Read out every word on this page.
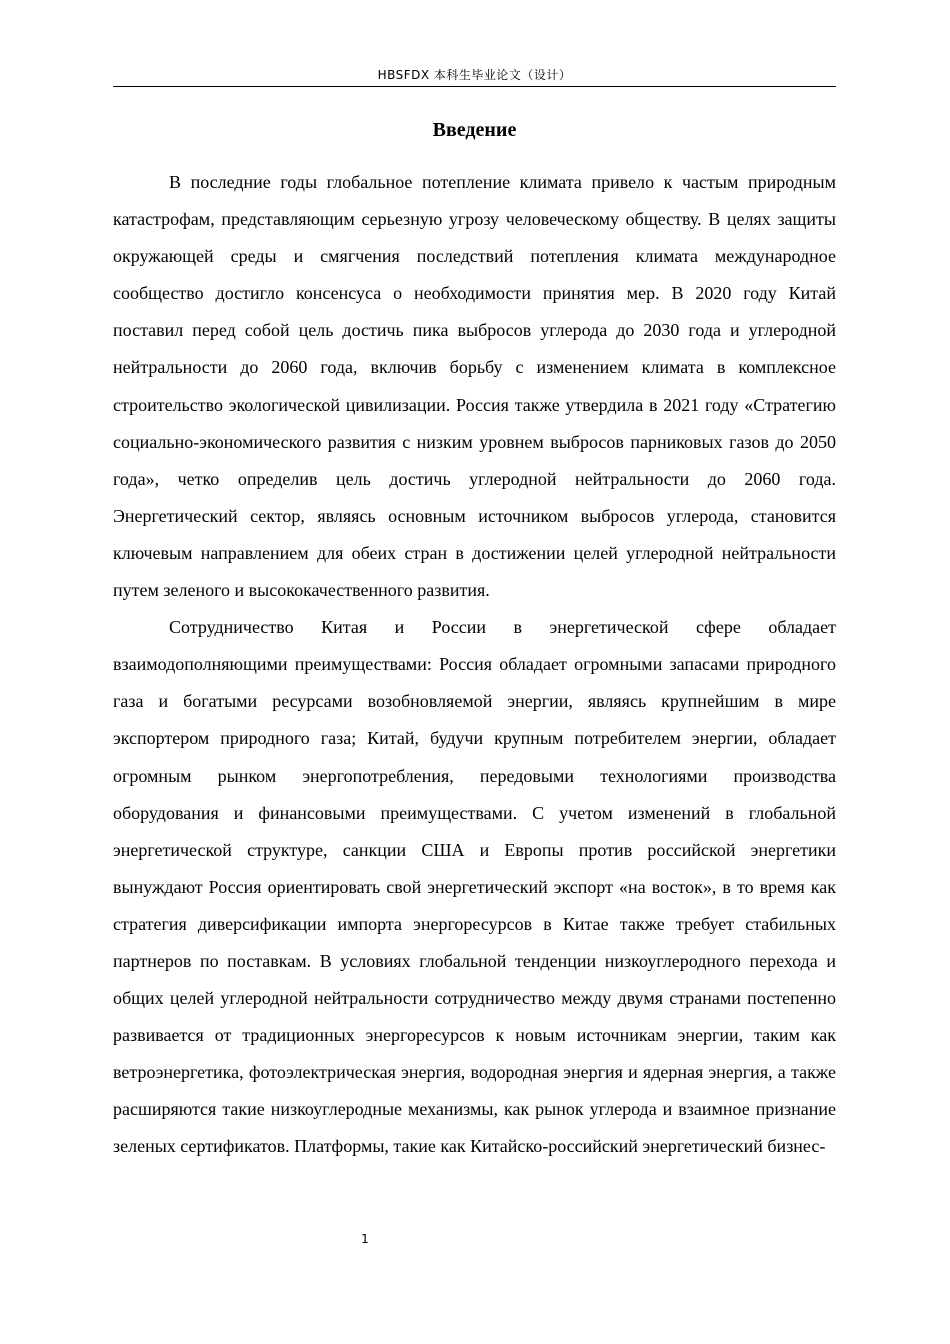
HBSFDX 本科生毕业论文（设计）
Введение

В последние годы глобальное потепление климата привело к частым природным катастрофам, представляющим серьезную угрозу человеческому обществу. В целях защиты окружающей среды и смягчения последствий потепления климата международное сообщество достигло консенсуса о необходимости принятия мер. В 2020 году Китай поставил перед собой цель достичь пика выбросов углерода до 2030 года и углеродной нейтральности до 2060 года, включив борьбу с изменением климата в комплексное строительство экологической цивилизации. Россия также утвердила в 2021 году «Стратегию социально-экономического развития с низким уровнем выбросов парниковых газов до 2050 года», четко определив цель достичь углеродной нейтральности до 2060 года. Энергетический сектор, являясь основным источником выбросов углерода, становится ключевым направлением для обеих стран в достижении целей углеродной нейтральности путем зеленого и высококачественного развития.

Сотрудничество Китая и России в энергетической сфере обладает взаимодополняющими преимуществами: Россия обладает огромными запасами природного газа и богатыми ресурсами возобновляемой энергии, являясь крупнейшим в мире экспортером природного газа; Китай, будучи крупным потребителем энергии, обладает огромным рынком энергопотребления, передовыми технологиями производства оборудования и финансовыми преимуществами. С учетом изменений в глобальной энергетической структуре, санкции США и Европы против российской энергетики вынуждают Россия ориентировать свой энергетический экспорт «на восток», в то время как стратегия диверсификации импорта энергоресурсов в Китае также требует стабильных партнеров по поставкам. В условиях глобальной тенденции низкоуглеродного перехода и общих целей углеродной нейтральности сотрудничество между двумя странами постепенно развивается от традиционных энергоресурсов к новым источникам энергии, таким как ветроэнергетика, фотоэлектрическая энергия, водородная энергия и ядерная энергия, а также расширяются такие низкоуглеродные механизмы, как рынок углерода и взаимное признание зеленых сертификатов. Платформы, такие как Китайско-российский энергетический бизнес-

1
